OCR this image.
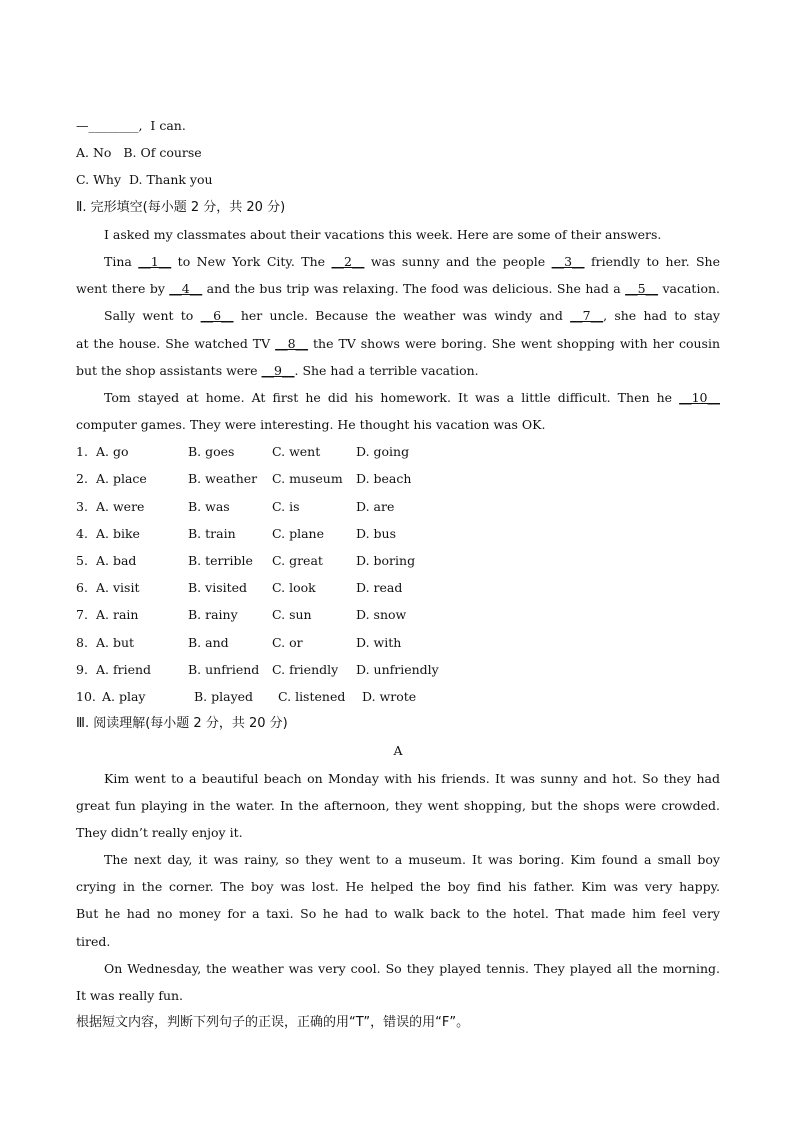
—________,  I can.
A. No   B. Of course
C. Why  D. Thank you
Ⅱ. 完形填空(每小题 2 分，共 20 分)
I asked my classmates about their vacations this week. Here are some of their answers.
Tina __1__ to New York City. The __2__ was sunny and the people __3__ friendly to her. She
went there by __4__ and the bus trip was relaxing. The food was delicious. She had a __5__ vacation.
Sally went to __6__ her uncle. Because the weather was windy and __7__, she had to stay
at the house. She watched TV __8__ the TV shows were boring. She went shopping with her cousin
but the shop assistants were __9__. She had a terrible vacation.
Tom stayed at home. At first he did his homework. It was a little difficult. Then he __10__
computer games. They were interesting. He thought his vacation was OK.
1. A. go	B. goes	C. went	D. going
2. A. place	B. weather C. museum D. beach
3. A. were	B. was	C. is	D. are
4. A. bike	B. train	C. plane	D. bus
5. A. bad	B. terrible C. great	D. boring
6. A. visit	B. visited C. look	D. read
7. A. rain	B. rainy	C. sun	D. snow
8. A. but	B. and	C. or	D. with
9. A. friend	B. unfriend C. friendly D. unfriendly
10. A. play	B. played C. listened D. wrote
Ⅲ. 阅读理解(每小题 2 分，共 20 分)
A
Kim went to a beautiful beach on Monday with his friends. It was sunny and hot. So they had
great fun playing in the water. In the afternoon, they went shopping, but the shops were crowded.
They didn’t really enjoy it.
The next day, it was rainy, so they went to a museum. It was boring. Kim found a small boy
crying in the corner. The boy was lost. He helped the boy find his father. Kim was very happy.
But he had no money for a taxi. So he had to walk back to the hotel. That made him feel very
tired.
On Wednesday, the weather was very cool. So they played tennis. They played all the morning.
It was really fun.
根据短文内容，判断下列句子的正误，正确的用“T”，错误的用“F”。
